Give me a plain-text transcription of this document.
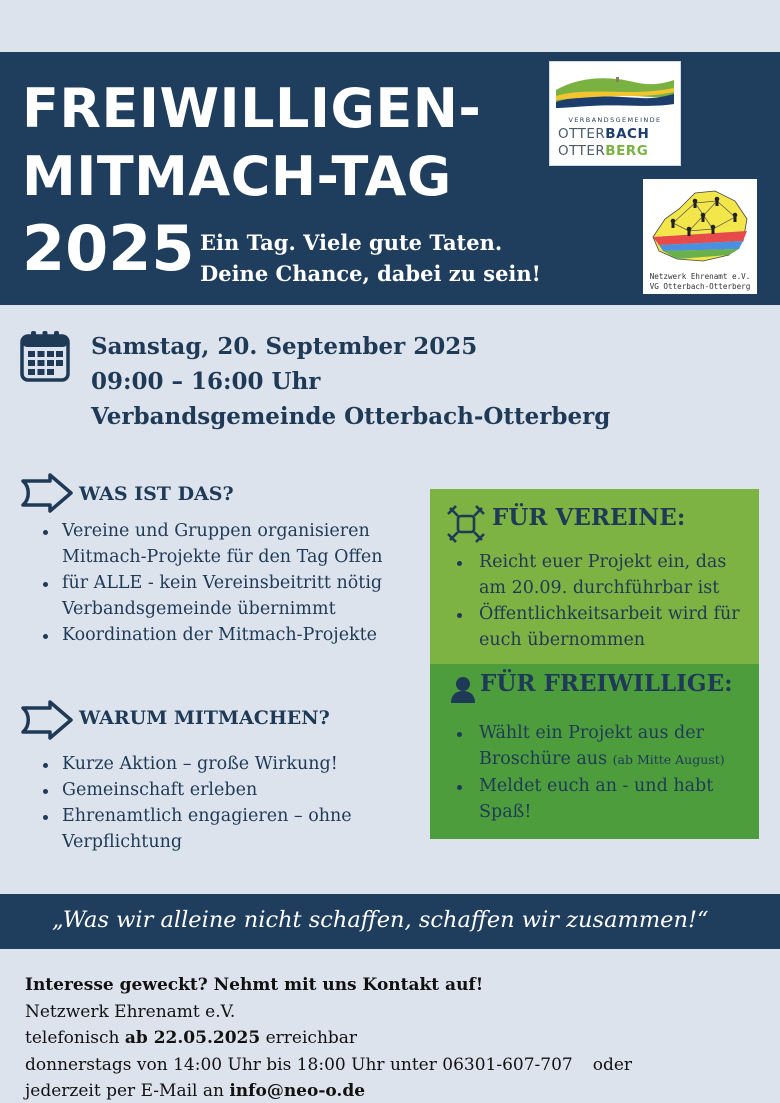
FREIWILLIGEN-
MITMACH-TAG
2025 Ein Tag. Viele gute Taten.
Deine Chance, dabei zu sein!
VERBANDSGEMEINDE
OTTERBACH
OTTERBERG
Netzwerk Ehrenamt e.V.
VG Otterbach-Otterberg
Samstag, 20. September 2025
09:00 – 16:00 Uhr
Verbandsgemeinde Otterbach-Otterberg
WAS IST DAS?
Vereine und Gruppen organisieren
Mitmach-Projekte für den Tag Offen
für ALLE - kein Vereinsbeitritt nötig
Verbandsgemeinde übernimmt
Koordination der Mitmach-Projekte
WARUM MITMACHEN?
Kurze Aktion – große Wirkung!
Gemeinschaft erleben
Ehrenamtlich engagieren – ohne
Verpflichtung
FÜR VEREINE:
Reicht euer Projekt ein, das
am 20.09. durchführbar ist
Öffentlichkeitsarbeit wird für
euch übernommen
FÜR FREIWILLIGE:
Wählt ein Projekt aus der
Broschüre aus (ab Mitte August)
Meldet euch an - und habt
Spaß!
„Was wir alleine nicht schaffen, schaffen wir zusammen!“

Interesse geweckt? Nehmt mit uns Kontakt auf!

Netzwerk Ehrenamt e.V.

telefonisch ab 22.05.2025 erreichbar

donnerstags von 14:00 Uhr bis 18:00 Uhr unter 06301-607-707 oder

jederzeit per E-Mail an info@neo-o.de
